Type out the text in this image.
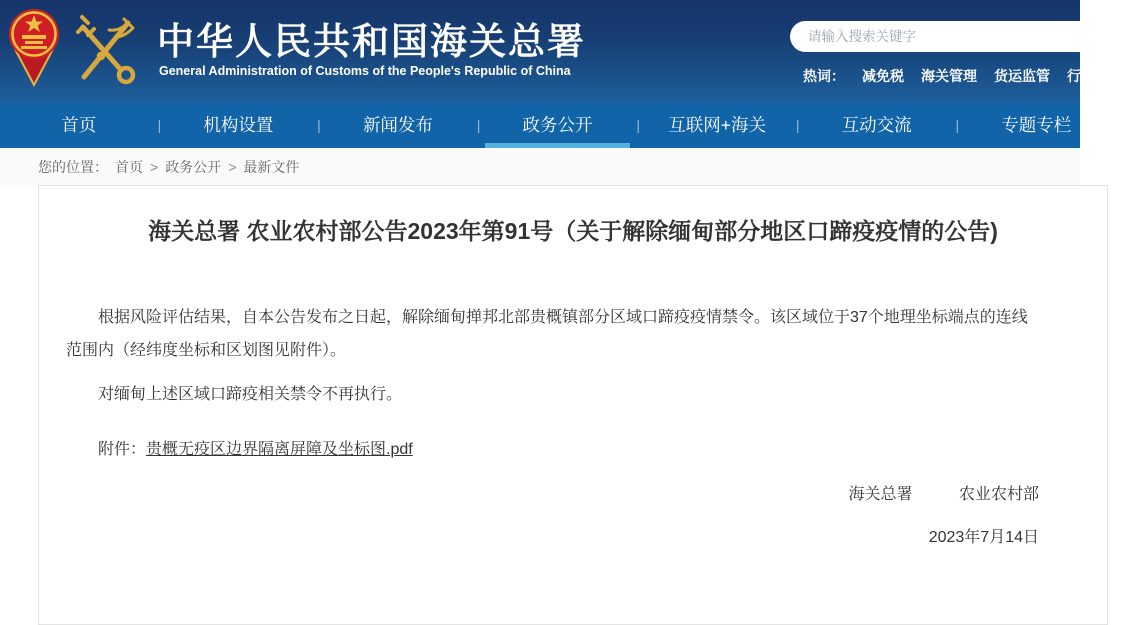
中华人民共和国海关总署
General Administration of Customs of the People's Republic of China
请输入搜索关键字	热词： 减免税 海关管理 货运监管 行政监管
首页	|	机构设置	|	新闻发布	|	政务公开	|	互联网+海关	|	互动交流	|	专题专栏
您的位置： 首页 > 政务公开 > 最新文件
海关总署 农业农村部公告2023年第91号（关于解除缅甸部分地区口蹄疫疫情的公告)

根据风险评估结果，自本公告发布之日起，解除缅甸掸邦北部贵概镇部分区域口蹄疫疫情禁令。该区域位于37个地理坐标端点的连线范围内（经纬度坐标和区划图见附件）。

对缅甸上述区域口蹄疫相关禁令不再执行。

附件：贵概无疫区边界隔离屏障及坐标图.pdf

海关总署	农业农村部
2023年7月14日
